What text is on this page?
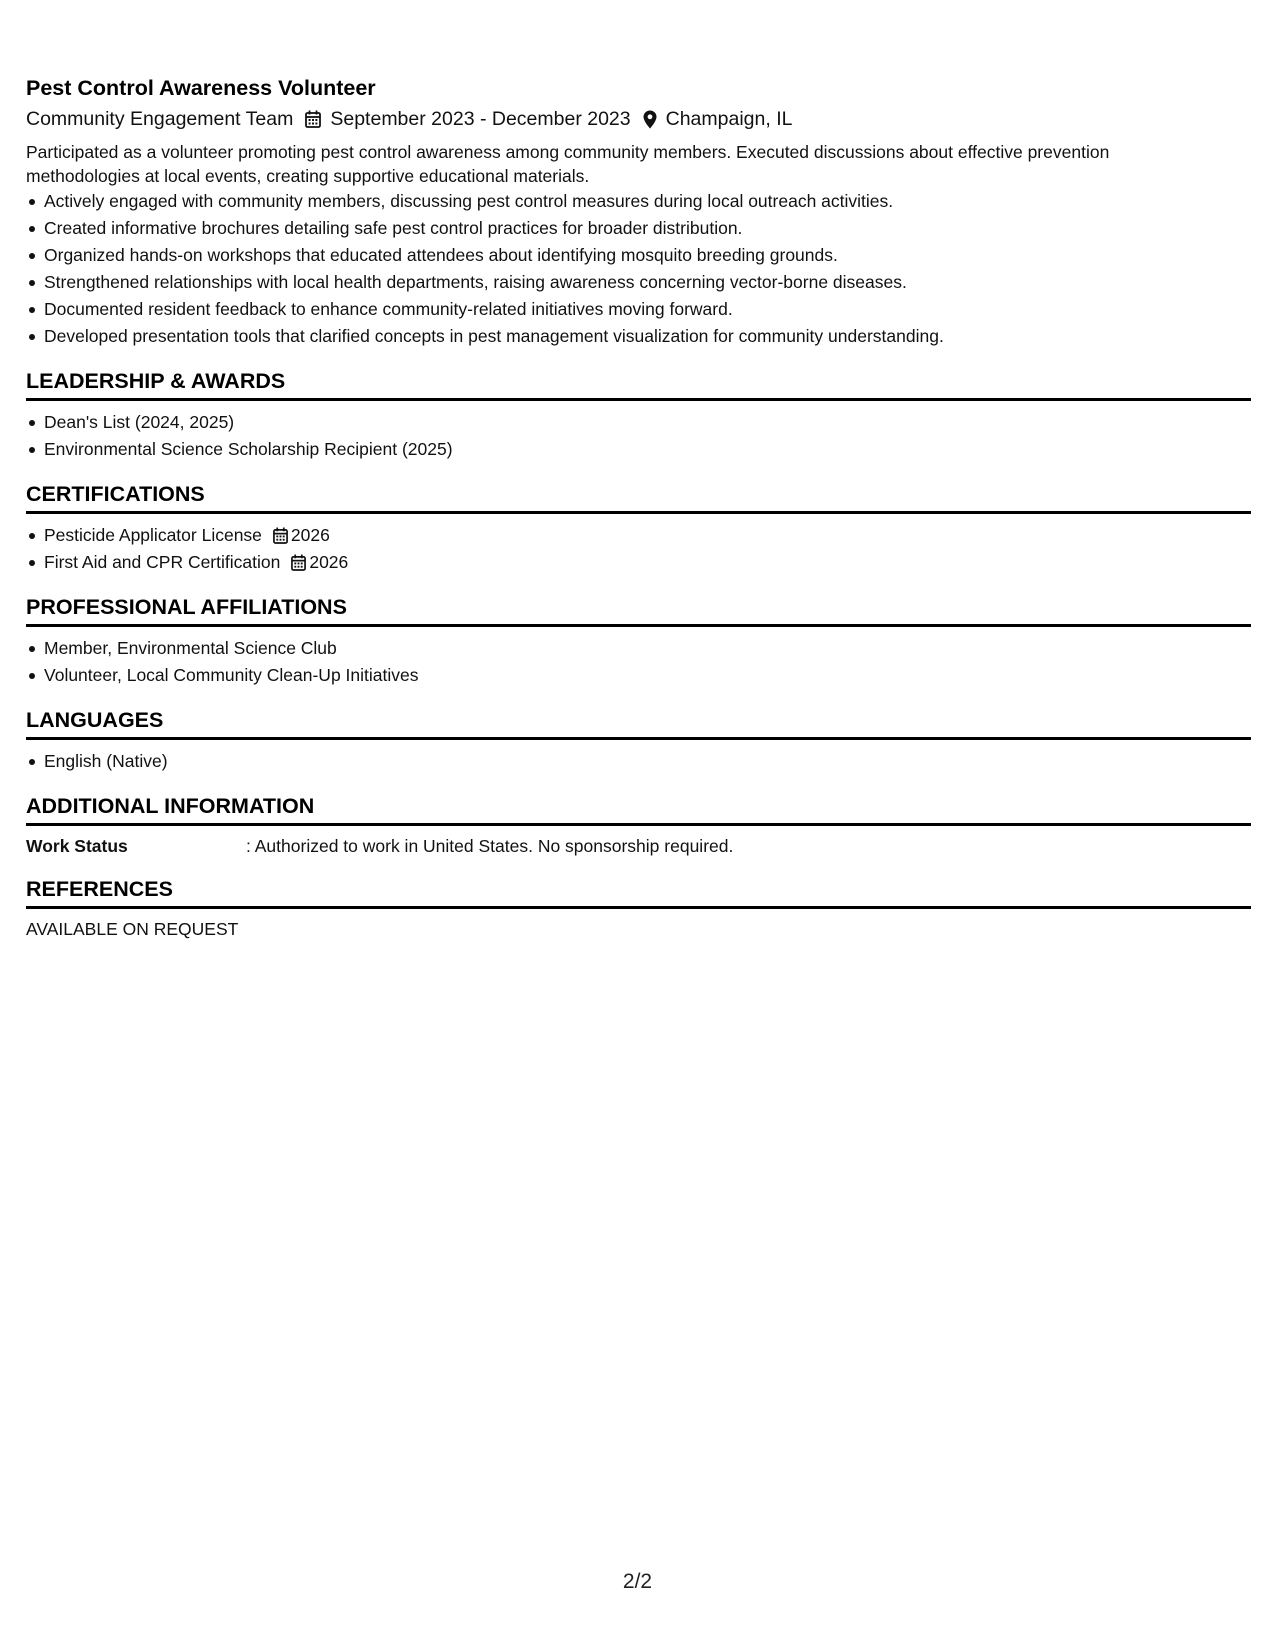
Pest Control Awareness Volunteer
Community Engagement Team September 2023 - December 2023 Champaign, IL

Participated as a volunteer promoting pest control awareness among community members. Executed discussions about effective prevention methodologies at local events, creating supportive educational materials.

Actively engaged with community members, discussing pest control measures during local outreach activities.
Created informative brochures detailing safe pest control practices for broader distribution.
Organized hands-on workshops that educated attendees about identifying mosquito breeding grounds.
Strengthened relationships with local health departments, raising awareness concerning vector-borne diseases.
Documented resident feedback to enhance community-related initiatives moving forward.
Developed presentation tools that clarified concepts in pest management visualization for community understanding.
LEADERSHIP & AWARDS
Dean's List (2024, 2025)
Environmental Science Scholarship Recipient (2025)
CERTIFICATIONS
Pesticide Applicator License 2026
First Aid and CPR Certification 2026
PROFESSIONAL AFFILIATIONS
Member, Environmental Science Club
Volunteer, Local Community Clean-Up Initiatives
LANGUAGES
English (Native)
ADDITIONAL INFORMATION
Work Status	: Authorized to work in United States. No sponsorship required.
REFERENCES

AVAILABLE ON REQUEST

2/2
